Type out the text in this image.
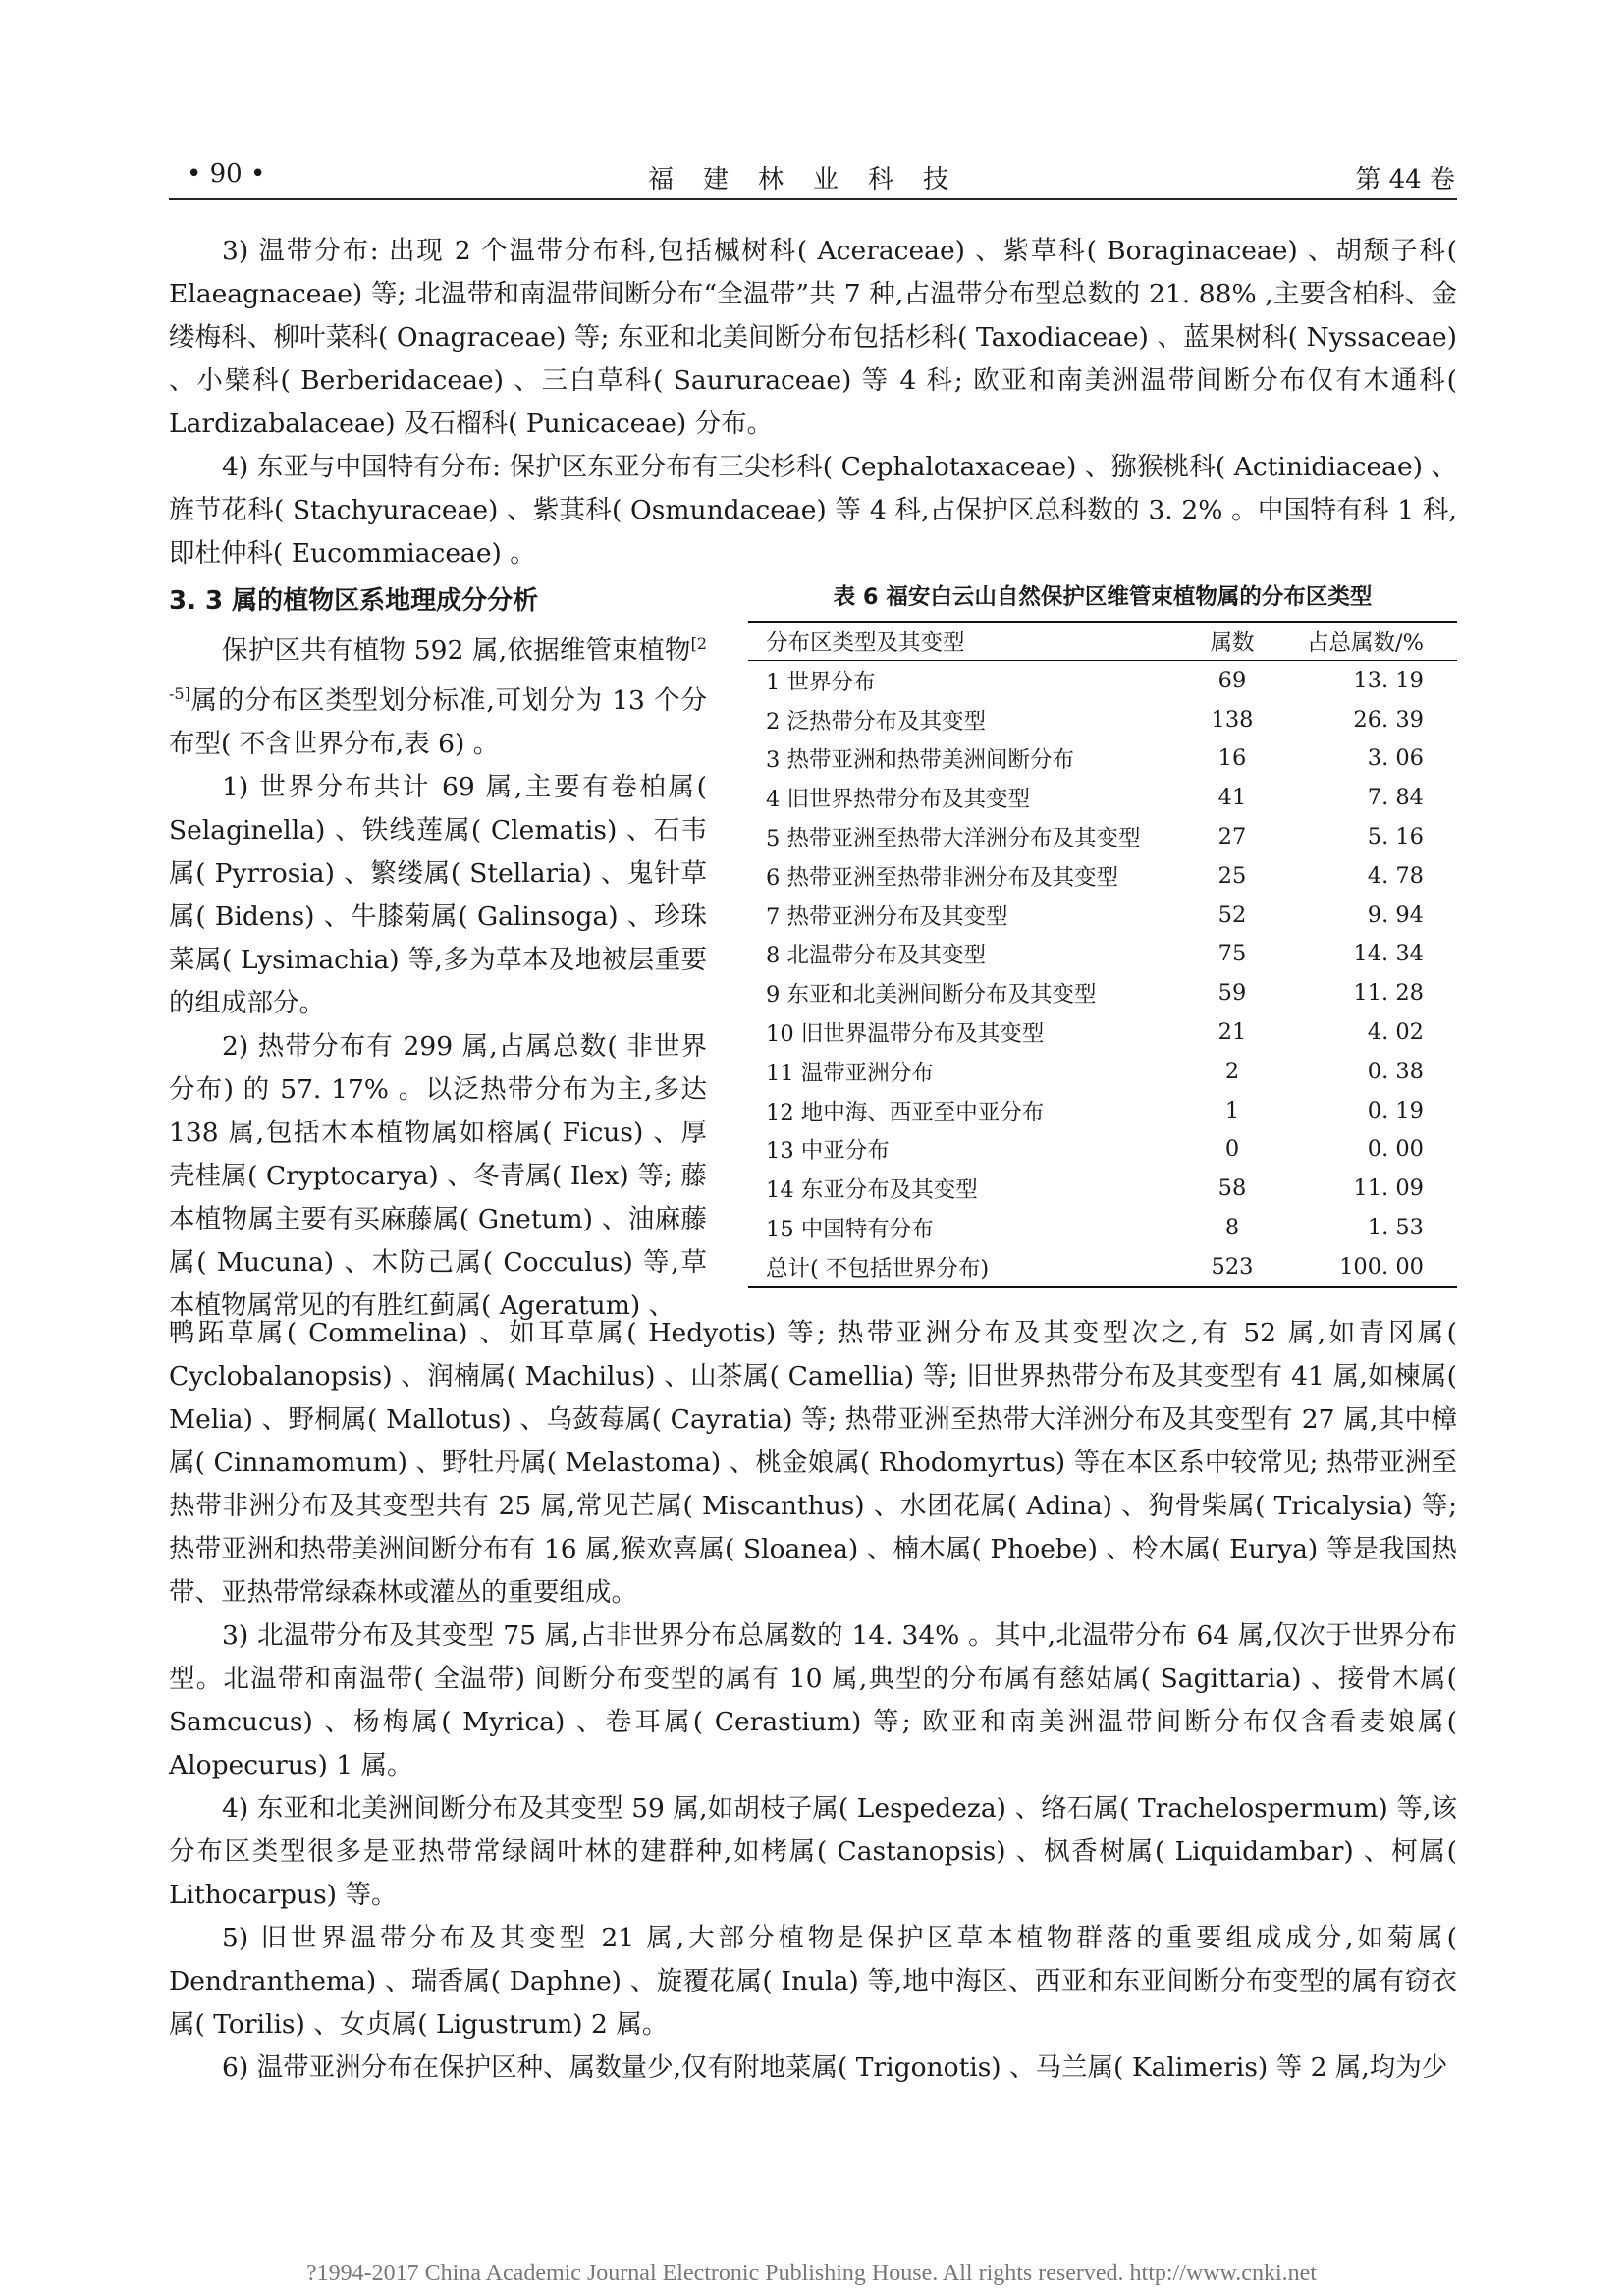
• 90 •	福建林业科技	第 44 卷

3) 温带分布: 出现 2 个温带分布科,包括槭树科( Aceraceae) 、紫草科( Boraginaceae) 、胡颓子科( Elaeagnaceae) 等; 北温带和南温带间断分布“全温带”共 7 种,占温带分布型总数的 21. 88% ,主要含柏科、金缕梅科、柳叶菜科( Onagraceae) 等; 东亚和北美间断分布包括杉科( Taxodiaceae) 、蓝果树科( Nyssaceae) 、小檗科( Berberidaceae) 、三白草科( Saururaceae) 等 4 科; 欧亚和南美洲温带间断分布仅有木通科( Lardizabalaceae) 及石榴科( Punicaceae) 分布。

4) 东亚与中国特有分布: 保护区东亚分布有三尖杉科( Cephalotaxaceae) 、猕猴桃科( Actinidiaceae) 、旌节花科( Stachyuraceae) 、紫萁科( Osmundaceae) 等 4 科,占保护区总科数的 3. 2% 。中国特有科 1 科,即杜仲科( Eucommiaceae) 。

3. 3 属的植物区系地理成分分析

保护区共有植物 592 属,依据维管束植物[2 -5]属的分布区类型划分标准,可划分为 13 个分布型( 不含世界分布,表 6) 。

1) 世界分布共计 69 属,主要有卷柏属( Selaginella) 、铁线莲属( Clematis) 、石韦属( Pyrrosia) 、繁缕属( Stellaria) 、鬼针草属( Bidens) 、牛膝菊属( Galinsoga) 、珍珠菜属( Lysimachia) 等,多为草本及地被层重要的组成部分。

2) 热带分布有 299 属,占属总数( 非世界分布) 的 57. 17% 。以泛热带分布为主,多达 138 属,包括木本植物属如榕属( Ficus) 、厚壳桂属( Cryptocarya) 、冬青属( Ilex) 等; 藤本植物属主要有买麻藤属( Gnetum) 、油麻藤属( Mucuna) 、木防己属( Cocculus) 等,草本植物属常见的有胜红蓟属( Ageratum) 、

表 6 福安白云山自然保护区维管束植物属的分布区类型
分布区类型及其变型	属数	占总属数/%
1 世界分布	69	13. 19
2 泛热带分布及其变型	138	26. 39
3 热带亚洲和热带美洲间断分布	16	3. 06
4 旧世界热带分布及其变型	41	7. 84
5 热带亚洲至热带大洋洲分布及其变型	27	5. 16
6 热带亚洲至热带非洲分布及其变型	25	4. 78
7 热带亚洲分布及其变型	52	9. 94
8 北温带分布及其变型	75	14. 34
9 东亚和北美洲间断分布及其变型	59	11. 28
10 旧世界温带分布及其变型	21	4. 02
11 温带亚洲分布	2	0. 38
12 地中海、西亚至中亚分布	1	0. 19
13 中亚分布	0	0. 00
14 东亚分布及其变型	58	11. 09
15 中国特有分布	8	1. 53
总计( 不包括世界分布)	523	100. 00

鸭跖草属( Commelina) 、如耳草属( Hedyotis) 等; 热带亚洲分布及其变型次之,有 52 属,如青冈属( Cyclobalanopsis) 、润楠属( Machilus) 、山茶属( Camellia) 等; 旧世界热带分布及其变型有 41 属,如楝属( Melia) 、野桐属( Mallotus) 、乌蔹莓属( Cayratia) 等; 热带亚洲至热带大洋洲分布及其变型有 27 属,其中樟属( Cinnamomum) 、野牡丹属( Melastoma) 、桃金娘属( Rhodomyrtus) 等在本区系中较常见; 热带亚洲至热带非洲分布及其变型共有 25 属,常见芒属( Miscanthus) 、水团花属( Adina) 、狗骨柴属( Tricalysia) 等; 热带亚洲和热带美洲间断分布有 16 属,猴欢喜属( Sloanea) 、楠木属( Phoebe) 、柃木属( Eurya) 等是我国热带、亚热带常绿森林或灌丛的重要组成。

3) 北温带分布及其变型 75 属,占非世界分布总属数的 14. 34% 。其中,北温带分布 64 属,仅次于世界分布型。北温带和南温带( 全温带) 间断分布变型的属有 10 属,典型的分布属有慈姑属( Sagittaria) 、接骨木属( Samcucus) 、杨梅属( Myrica) 、卷耳属( Cerastium) 等; 欧亚和南美洲温带间断分布仅含看麦娘属( Alopecurus) 1 属。

4) 东亚和北美洲间断分布及其变型 59 属,如胡枝子属( Lespedeza) 、络石属( Trachelospermum) 等,该分布区类型很多是亚热带常绿阔叶林的建群种,如栲属( Castanopsis) 、枫香树属( Liquidambar) 、柯属( Lithocarpus) 等。

5) 旧世界温带分布及其变型 21 属,大部分植物是保护区草本植物群落的重要组成成分,如菊属( Dendranthema) 、瑞香属( Daphne) 、旋覆花属( Inula) 等,地中海区、西亚和东亚间断分布变型的属有窃衣属( Torilis) 、女贞属( Ligustrum) 2 属。

6) 温带亚洲分布在保护区种、属数量少,仅有附地菜属( Trigonotis) 、马兰属( Kalimeris) 等 2 属,均为少

?1994-2017 China Academic Journal Electronic Publishing House. All rights reserved. http://www.cnki.net
